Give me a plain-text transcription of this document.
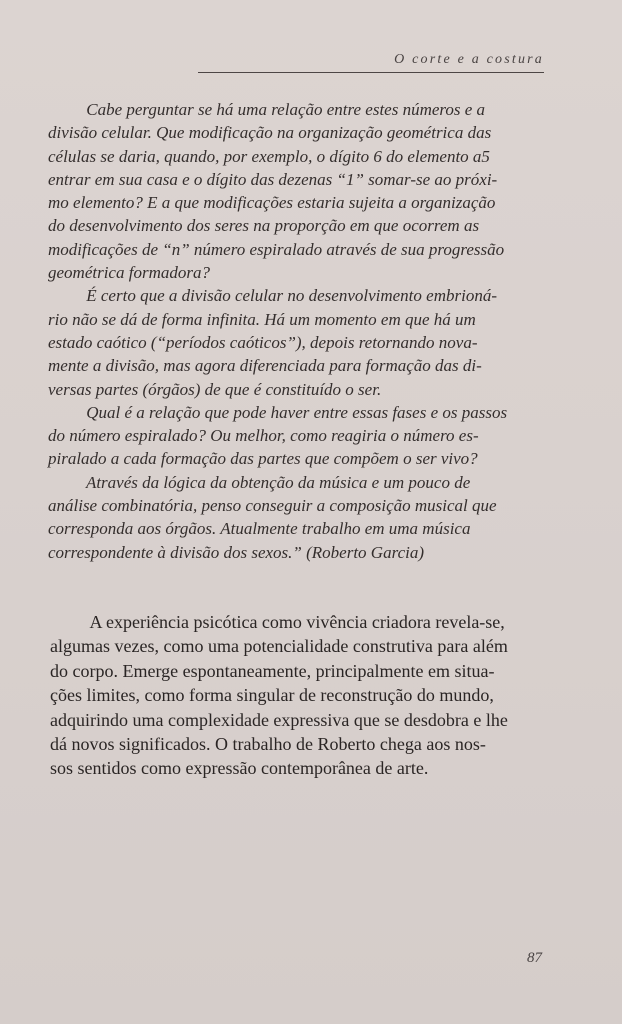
O corte e a costura
   Cabe perguntar se há uma relação entre estes números e a
divisão celular. Que modificação na organização geométrica das
células se daria, quando, por exemplo, o dígito 6 do elemento a5
entrar em sua casa e o dígito das dezenas “1” somar-se ao próxi-
mo elemento? E a que modificações estaria sujeita a organização
do desenvolvimento dos seres na proporção em que ocorrem as
modificações de “n” número espiralado através de sua progressão
geométrica formadora?
   É certo que a divisão celular no desenvolvimento embrioná-
rio não se dá de forma infinita. Há um momento em que há um
estado caótico (“períodos caóticos”), depois retornando nova-
mente a divisão, mas agora diferenciada para formação das di-
versas partes (órgãos) de que é constituído o ser.
   Qual é a relação que pode haver entre essas fases e os passos
do número espiralado? Ou melhor, como reagiria o número es-
piralado a cada formação das partes que compõem o ser vivo?
   Através da lógica da obtenção da música e um pouco de
análise combinatória, penso conseguir a composição musical que
corresponda aos órgãos. Atualmente trabalho em uma música
correspondente à divisão dos sexos.” (Roberto Garcia)
   A experiência psicótica como vivência criadora revela-se,
algumas vezes, como uma potencialidade construtiva para além
do corpo. Emerge espontaneamente, principalmente em situa-
ções limites, como forma singular de reconstrução do mundo,
adquirindo uma complexidade expressiva que se desdobra e lhe
dá novos significados. O trabalho de Roberto chega aos nos-
sos sentidos como expressão contemporânea de arte.
87
